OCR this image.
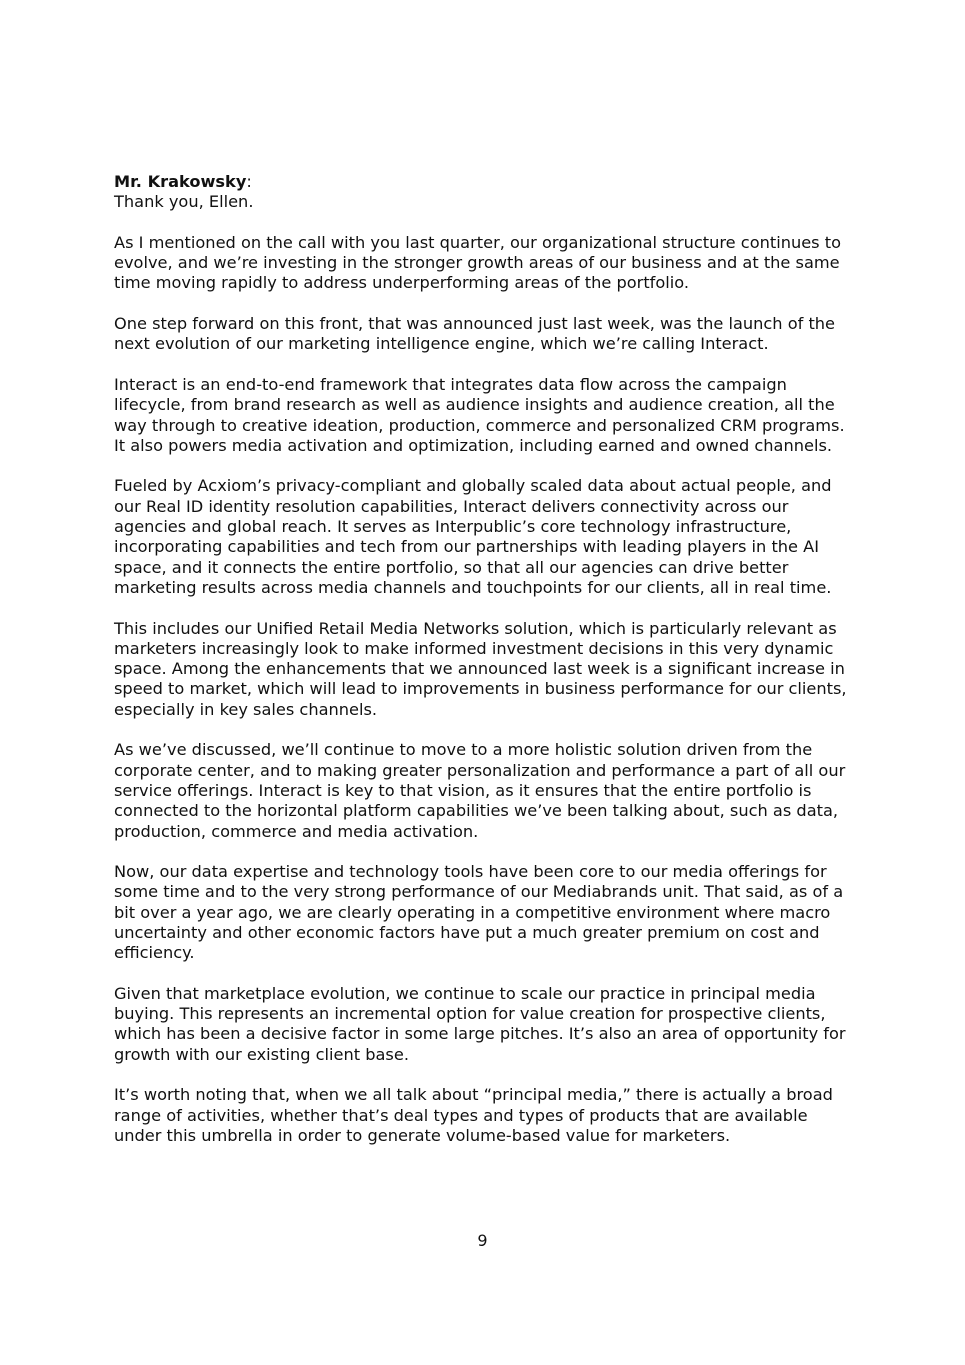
Mr. Krakowsky:

Thank you, Ellen.

As I mentioned on the call with you last quarter, our organizational structure continues to evolve, and we’re investing in the stronger growth areas of our business and at the same time moving rapidly to address underperforming areas of the portfolio.

One step forward on this front, that was announced just last week, was the launch of the next evolution of our marketing intelligence engine, which we’re calling Interact.

Interact is an end-to-end framework that integrates data flow across the campaign lifecycle, from brand research as well as audience insights and audience creation, all the way through to creative ideation, production, commerce and personalized CRM programs. It also powers media activation and optimization, including earned and owned channels.

Fueled by Acxiom’s privacy-compliant and globally scaled data about actual people, and our Real ID identity resolution capabilities, Interact delivers connectivity across our agencies and global reach. It serves as Interpublic’s core technology infrastructure, incorporating capabilities and tech from our partnerships with leading players in the AI space, and it connects the entire portfolio, so that all our agencies can drive better marketing results across media channels and touchpoints for our clients, all in real time.

This includes our Unified Retail Media Networks solution, which is particularly relevant as marketers increasingly look to make informed investment decisions in this very dynamic space. Among the enhancements that we announced last week is a significant increase in speed to market, which will lead to improvements in business performance for our clients, especially in key sales channels.

As we’ve discussed, we’ll continue to move to a more holistic solution driven from the corporate center, and to making greater personalization and performance a part of all our service offerings. Interact is key to that vision, as it ensures that the entire portfolio is connected to the horizontal platform capabilities we’ve been talking about, such as data, production, commerce and media activation.

Now, our data expertise and technology tools have been core to our media offerings for some time and to the very strong performance of our Mediabrands unit. That said, as of a bit over a year ago, we are clearly operating in a competitive environment where macro uncertainty and other economic factors have put a much greater premium on cost and efficiency.

Given that marketplace evolution, we continue to scale our practice in principal media buying. This represents an incremental option for value creation for prospective clients, which has been a decisive factor in some large pitches. It’s also an area of opportunity for growth with our existing client base.

It’s worth noting that, when we all talk about “principal media,” there is actually a broad range of activities, whether that’s deal types and types of products that are available under this umbrella in order to generate volume-based value for marketers.

9
